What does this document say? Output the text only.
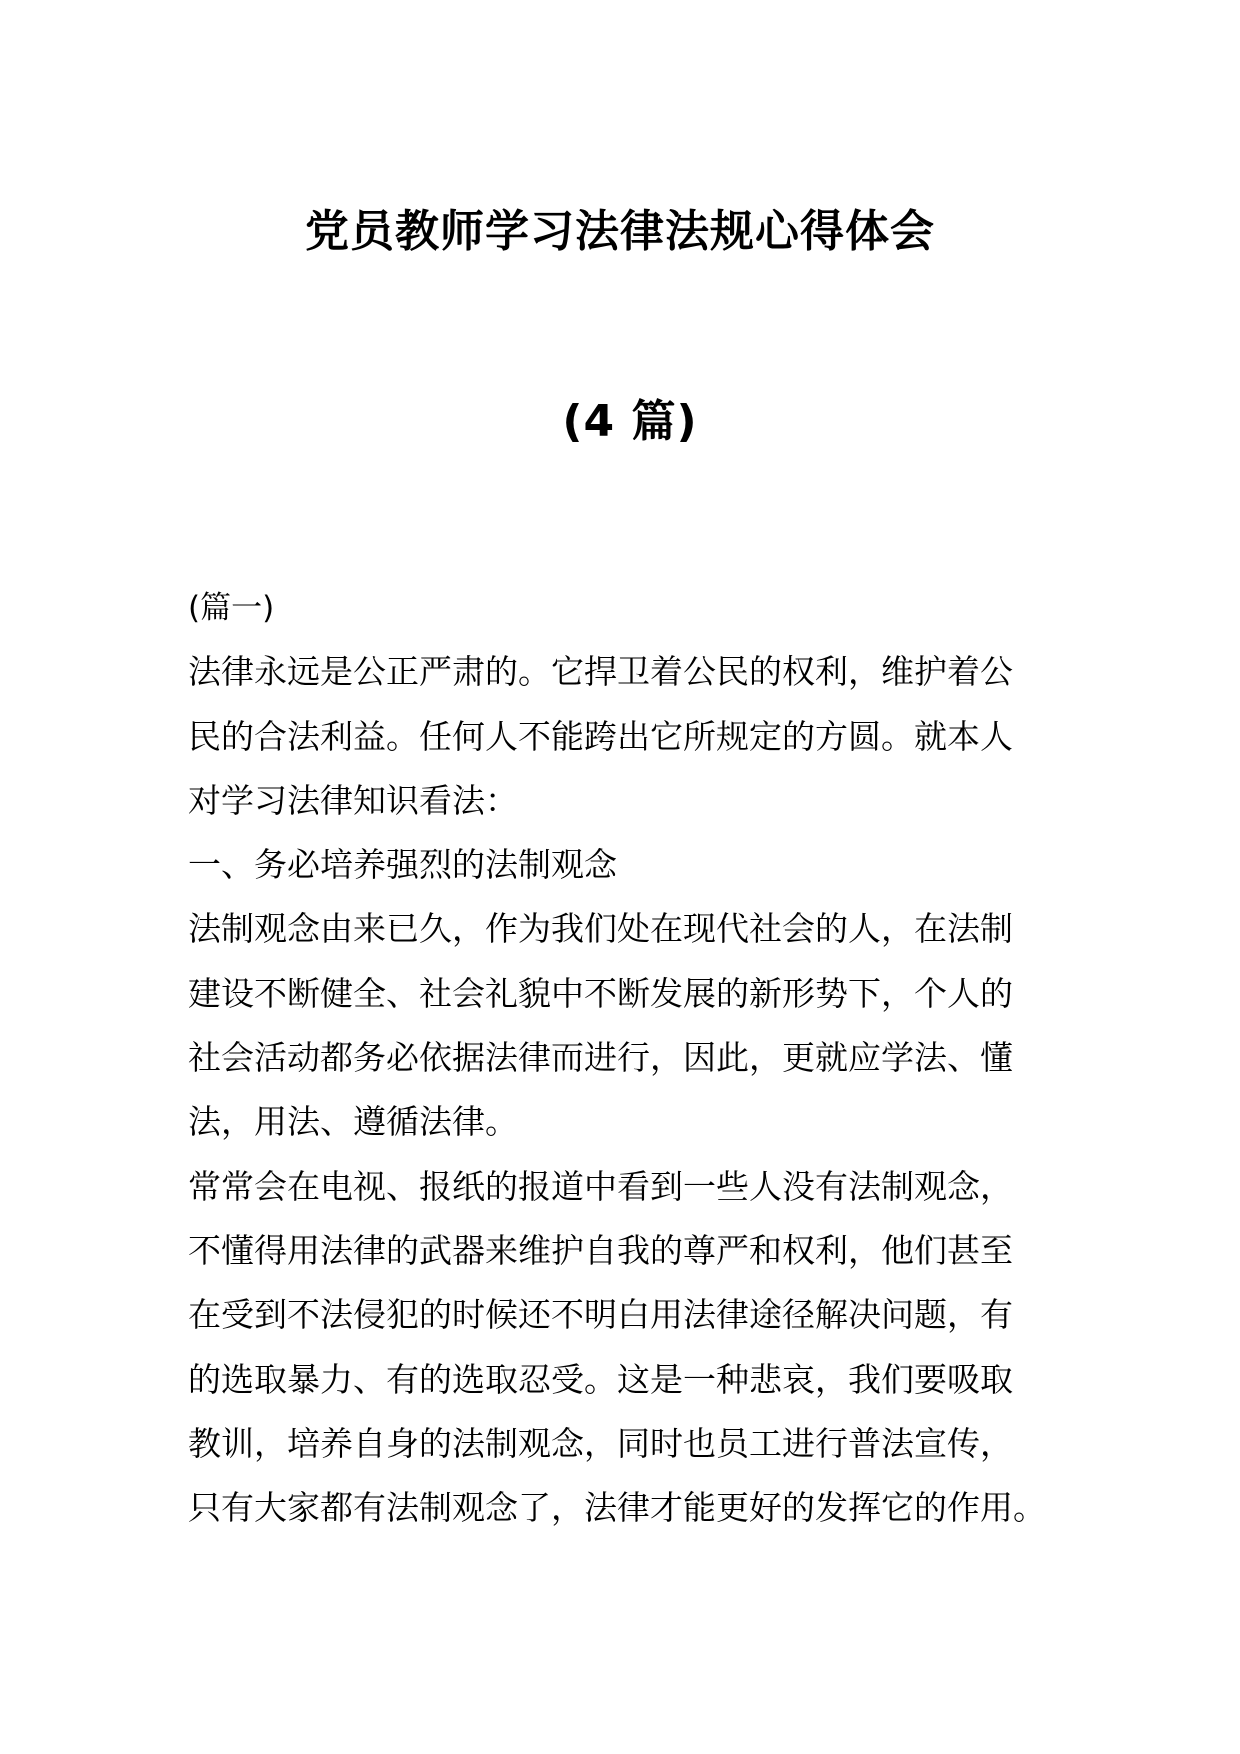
党员教师学习法律法规心得体会
(4 篇)

(篇一)

法律永远是公正严肃的。它捍卫着公民的权利，维护着公

民的合法利益。任何人不能跨出它所规定的方圆。就本人

对学习法律知识看法：

一、务必培养强烈的法制观念

法制观念由来已久，作为我们处在现代社会的人，在法制

建设不断健全、社会礼貌中不断发展的新形势下，个人的

社会活动都务必依据法律而进行，因此，更就应学法、懂

法，用法、遵循法律。

常常会在电视、报纸的报道中看到一些人没有法制观念，

不懂得用法律的武器来维护自我的尊严和权利，他们甚至

在受到不法侵犯的时候还不明白用法律途径解决问题，有

的选取暴力、有的选取忍受。这是一种悲哀，我们要吸取

教训，培养自身的法制观念，同时也员工进行普法宣传，

只有大家都有法制观念了，法律才能更好的发挥它的作用。
